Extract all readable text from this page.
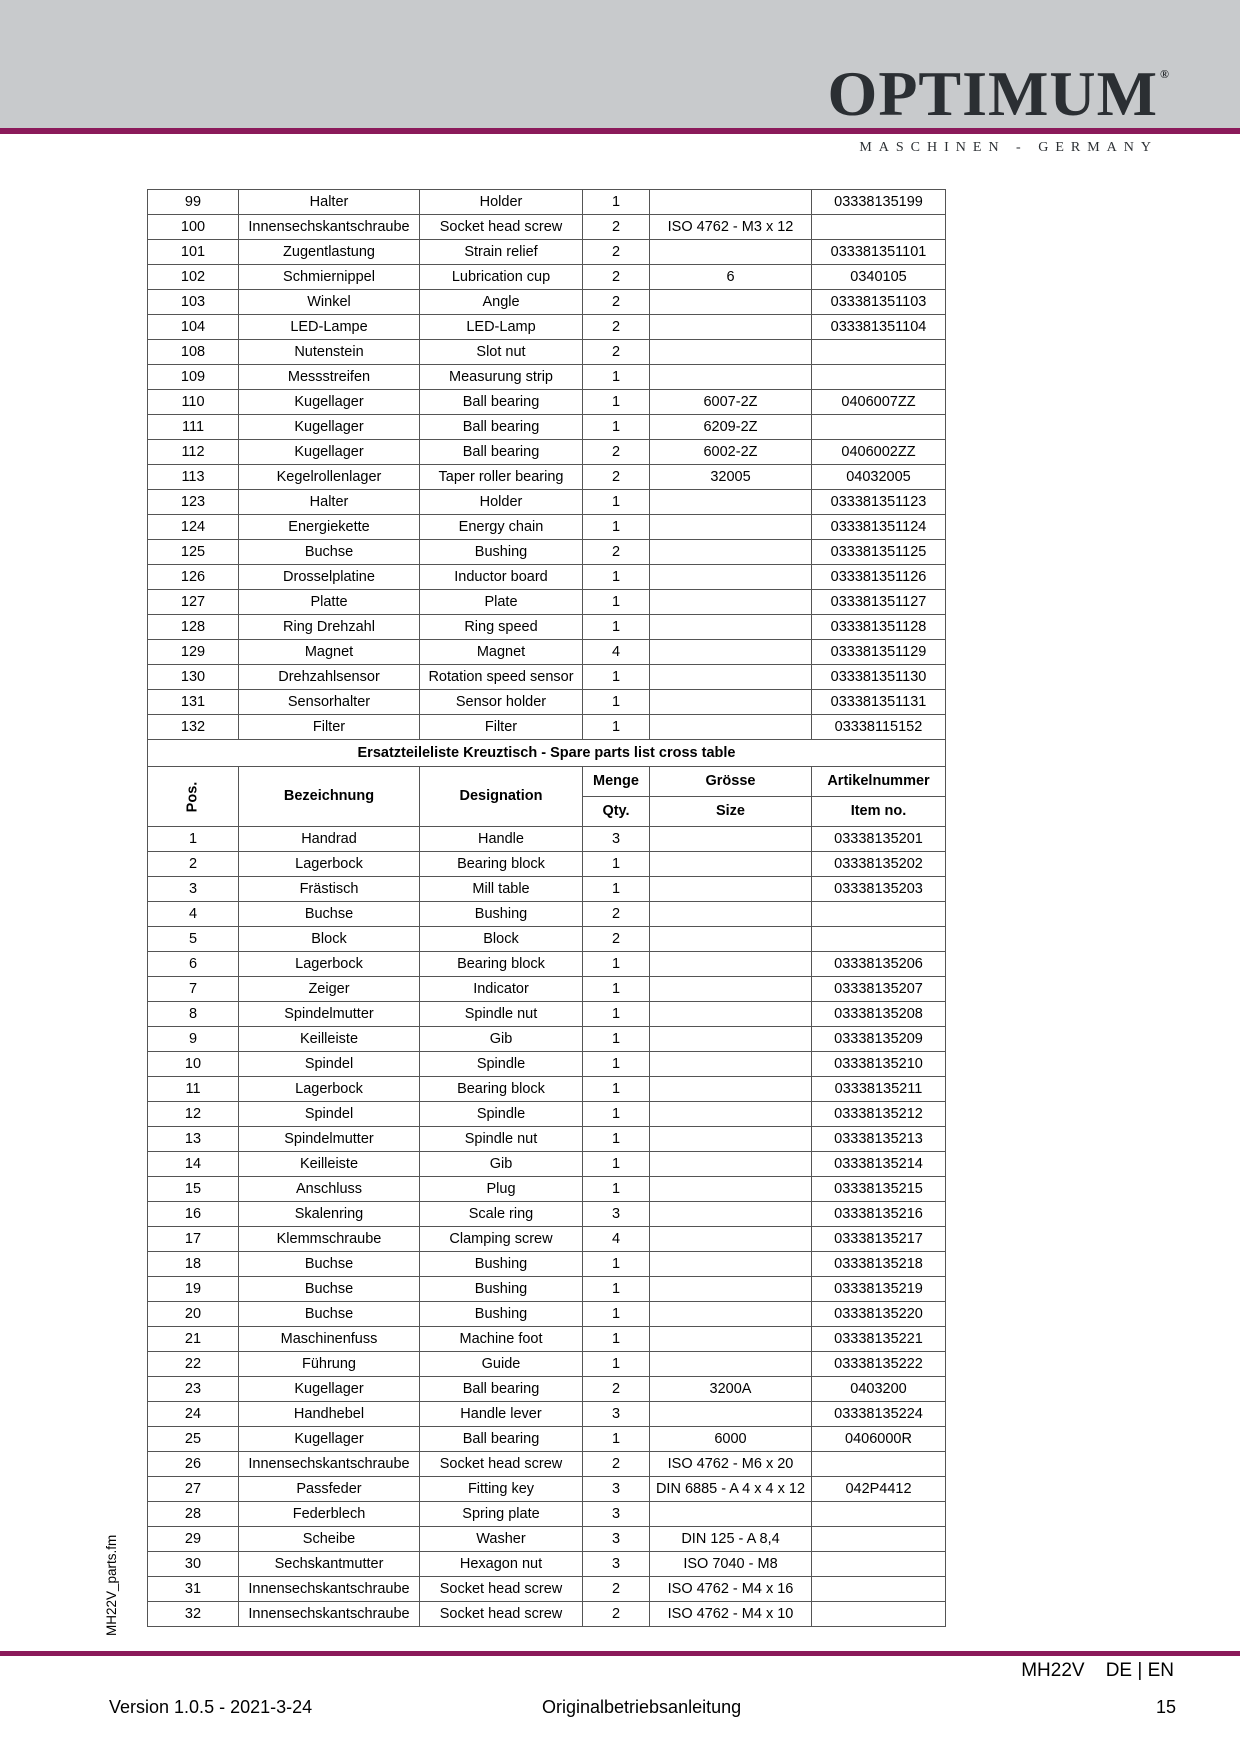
OPTIMUM ®
MASCHINEN - GERMANY
99	Halter	Holder	1		03338135199
100	Innensechskantschraube	Socket head screw	2	ISO 4762 - M3 x 12	
101	Zugentlastung	Strain relief	2		033381351101
102	Schmiernippel	Lubrication cup	2	6	0340105
103	Winkel	Angle	2		033381351103
104	LED-Lampe	LED-Lamp	2		033381351104
108	Nutenstein	Slot nut	2		
109	Messstreifen	Measurung strip	1		
110	Kugellager	Ball bearing	1	6007-2Z	0406007ZZ
111	Kugellager	Ball bearing	1	6209-2Z	
112	Kugellager	Ball bearing	2	6002-2Z	0406002ZZ
113	Kegelrollenlager	Taper roller bearing	2	32005	04032005
123	Halter	Holder	1		033381351123
124	Energiekette	Energy chain	1		033381351124
125	Buchse	Bushing	2		033381351125
126	Drosselplatine	Inductor board	1		033381351126
127	Platte	Plate	1		033381351127
128	Ring Drehzahl	Ring speed	1		033381351128
129	Magnet	Magnet	4		033381351129
130	Drehzahlsensor	Rotation speed sensor	1		033381351130
131	Sensorhalter	Sensor holder	1		033381351131
132	Filter	Filter	1		03338115152
Ersatzteileliste Kreuztisch - Spare parts list cross table					

Pos.	Bezeichnung	Designation	Menge	Grösse	Artikelnummer
			Qty.	Size	Item no.
1	Handrad	Handle	3		03338135201
2	Lagerbock	Bearing block	1		03338135202
3	Frästisch	Mill table	1		03338135203
4	Buchse	Bushing	2		
5	Block	Block	2		
6	Lagerbock	Bearing block	1		03338135206
7	Zeiger	Indicator	1		03338135207
8	Spindelmutter	Spindle nut	1		03338135208
9	Keilleiste	Gib	1		03338135209
10	Spindel	Spindle	1		03338135210
11	Lagerbock	Bearing block	1		03338135211
12	Spindel	Spindle	1		03338135212
13	Spindelmutter	Spindle nut	1		03338135213
14	Keilleiste	Gib	1		03338135214
15	Anschluss	Plug	1		03338135215
16	Skalenring	Scale ring	3		03338135216
17	Klemmschraube	Clamping screw	4		03338135217
18	Buchse	Bushing	1		03338135218
19	Buchse	Bushing	1		03338135219
20	Buchse	Bushing	1		03338135220
21	Maschinenfuss	Machine foot	1		03338135221
22	Führung	Guide	1		03338135222
23	Kugellager	Ball bearing	2	3200A	0403200
24	Handhebel	Handle lever	3		03338135224
25	Kugellager	Ball bearing	1	6000	0406000R
26	Innensechskantschraube	Socket head screw	2	ISO 4762 - M6 x 20	
27	Passfeder	Fitting key	3	DIN 6885 - A 4 x 4 x 12	042P4412
28	Federblech	Spring plate	3		
29	Scheibe	Washer	3	DIN 125 - A 8,4	
30	Sechskantmutter	Hexagon nut	3	ISO 7040 - M8	
31	Innensechskantschraube	Socket head screw	2	ISO 4762 - M4 x 16	
32	Innensechskantschraube	Socket head screw	2	ISO 4762 - M4 x 10	
MH22V_parts.fm
MH22V    DE | EN
Version 1.0.5 - 2021-3-24	Originalbetriebsanleitung	15
